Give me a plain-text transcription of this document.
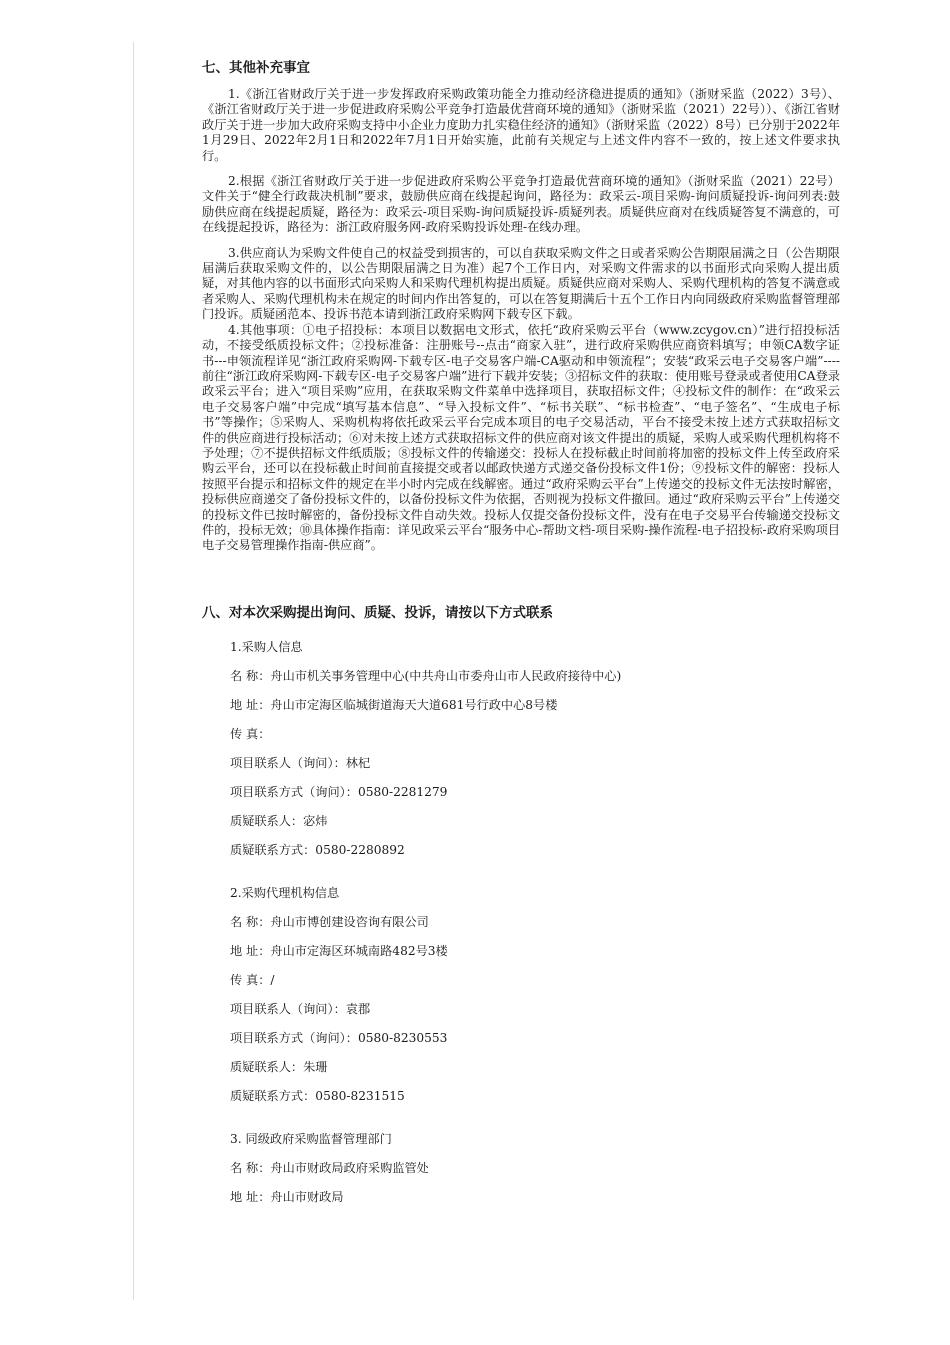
七、其他补充事宜

1.《浙江省财政厅关于进一步发挥政府采购政策功能全力推动经济稳进提质的通知》（浙财采监（2022）3号）、《浙江省财政厅关于进一步促进政府采购公平竞争打造最优营商环境的通知》（浙财采监（2021）22号））、《浙江省财政厅关于进一步加大政府采购支持中小企业力度助力扎实稳住经济的通知》（浙财采监（2022）8号）已分别于2022年1月29日、2022年2月1日和2022年7月1日开始实施，此前有关规定与上述文件内容不一致的，按上述文件要求执行。

2.根据《浙江省财政厅关于进一步促进政府采购公平竞争打造最优营商环境的通知》（浙财采监（2021）22号）文件关于“健全行政裁决机制”要求，鼓励供应商在线提起询问，路径为：政采云-项目采购-询问质疑投诉-询问列表:鼓励供应商在线提起质疑，路径为：政采云-项目采购-询问质疑投诉-质疑列表。质疑供应商对在线质疑答复不满意的，可在线提起投诉，路径为：浙江政府服务网-政府采购投诉处理-在线办理。

3.供应商认为采购文件使自己的权益受到损害的，可以自获取采购文件之日或者采购公告期限届满之日（公告期限届满后获取采购文件的，以公告期限届满之日为准）起7个工作日内，对采购文件需求的以书面形式向采购人提出质疑，对其他内容的以书面形式向采购人和采购代理机构提出质疑。质疑供应商对采购人、采购代理机构的答复不满意或者采购人、采购代理机构未在规定的时间内作出答复的，可以在答复期满后十五个工作日内向同级政府采购监督管理部门投诉。质疑函范本、投诉书范本请到浙江政府采购网下载专区下载。

4.其他事项：①电子招投标：本项目以数据电文形式，依托“政府采购云平台（www.zcygov.cn）”进行招投标活动，不接受纸质投标文件；②投标准备：注册账号--点击“商家入驻”，进行政府采购供应商资料填写；申领CA数字证书---申领流程详见“浙江政府采购网-下载专区-电子交易客户端-CA驱动和申领流程”；安装“政采云电子交易客户端”----前往“浙江政府采购网-下载专区-电子交易客户端”进行下载并安装；③招标文件的获取：使用账号登录或者使用CA登录政采云平台；进入“项目采购”应用，在获取采购文件菜单中选择项目，获取招标文件；④投标文件的制作：在“政采云电子交易客户端”中完成“填写基本信息”、“导入投标文件”、“标书关联”、“标书检查”、“电子签名”、“生成电子标书”等操作；⑤采购人、采购机构将依托政采云平台完成本项目的电子交易活动，平台不接受未按上述方式获取招标文件的供应商进行投标活动；⑥对未按上述方式获取招标文件的供应商对该文件提出的质疑，采购人或采购代理机构将不予处理；⑦不提供招标文件纸质版；⑧投标文件的传输递交：投标人在投标截止时间前将加密的投标文件上传至政府采购云平台，还可以在投标截止时间前直接提交或者以邮政快递方式递交备份投标文件1份；⑨投标文件的解密：投标人按照平台提示和招标文件的规定在半小时内完成在线解密。通过“政府采购云平台”上传递交的投标文件无法按时解密，投标供应商递交了备份投标文件的，以备份投标文件为依据，否则视为投标文件撤回。通过“政府采购云平台”上传递交的投标文件已按时解密的，备份投标文件自动失效。投标人仅提交备份投标文件，没有在电子交易平台传输递交投标文件的，投标无效；⑩具体操作指南：详见政采云平台“服务中心-帮助文档-项目采购-操作流程-电子招投标-政府采购项目电子交易管理操作指南-供应商”。

八、对本次采购提出询问、质疑、投诉，请按以下方式联系
1.采购人信息
名 称：舟山市机关事务管理中心(中共舟山市委舟山市人民政府接待中心)
地 址：舟山市定海区临城街道海天大道681号行政中心8号楼
传 真：
项目联系人（询问）：林杞
项目联系方式（询问）：0580-2281279
质疑联系人：宓炜
质疑联系方式：0580-2280892
2.采购代理机构信息
名 称：舟山市博创建设咨询有限公司
地 址：舟山市定海区环城南路482号3楼
传 真：/
项目联系人（询问）：袁郡
项目联系方式（询问）：0580-8230553
质疑联系人：朱珊
质疑联系方式：0580-8231515
3. 同级政府采购监督管理部门
名 称：舟山市财政局政府采购监管处
地 址：舟山市财政局
